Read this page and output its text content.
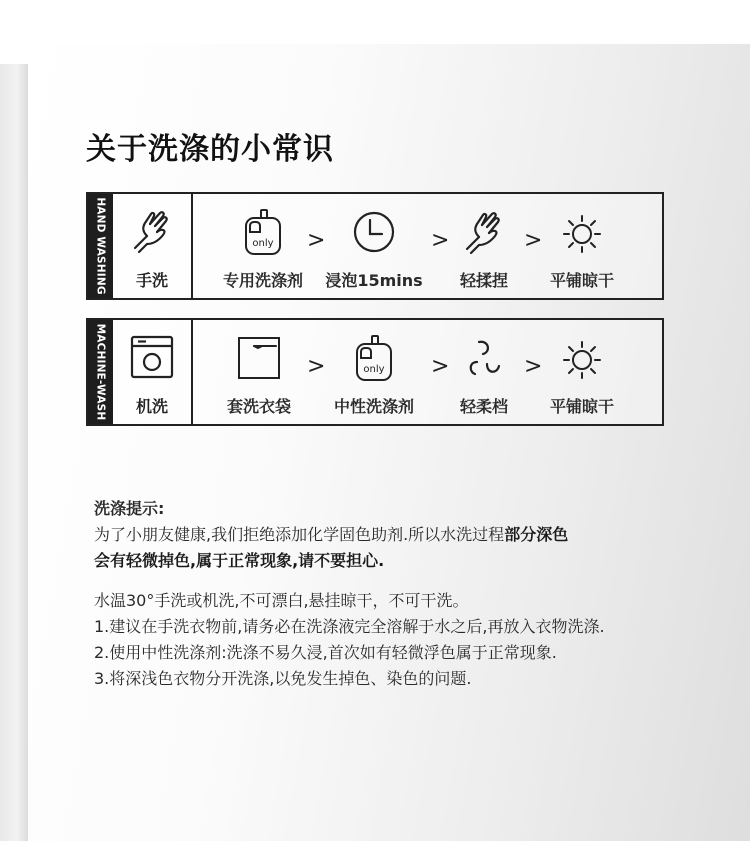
关于洗涤的小常识
HAND WASHING	手洗
only
专用洗涤剂
>
浸泡15mins
>
轻揉捏
>
平铺晾干
MACHINE-WASH	机洗	套洗衣袋
>	only
中性洗涤剂
>
轻柔档
>
平铺晾干
洗涤提示:
为了小朋友健康,我们拒绝添加化学固色助剂.所以水洗过程部分深色
会有轻微掉色,属于正常现象,请不要担心.
水温30°手洗或机洗,不可漂白,悬挂晾干，不可干洗。
1.建议在手洗衣物前,请务必在洗涤液完全溶解于水之后,再放入衣物洗涤.
2.使用中性洗涤剂:洗涤不易久浸,首次如有轻微浮色属于正常现象.
3.将深浅色衣物分开洗涤,以免发生掉色、染色的问题.
